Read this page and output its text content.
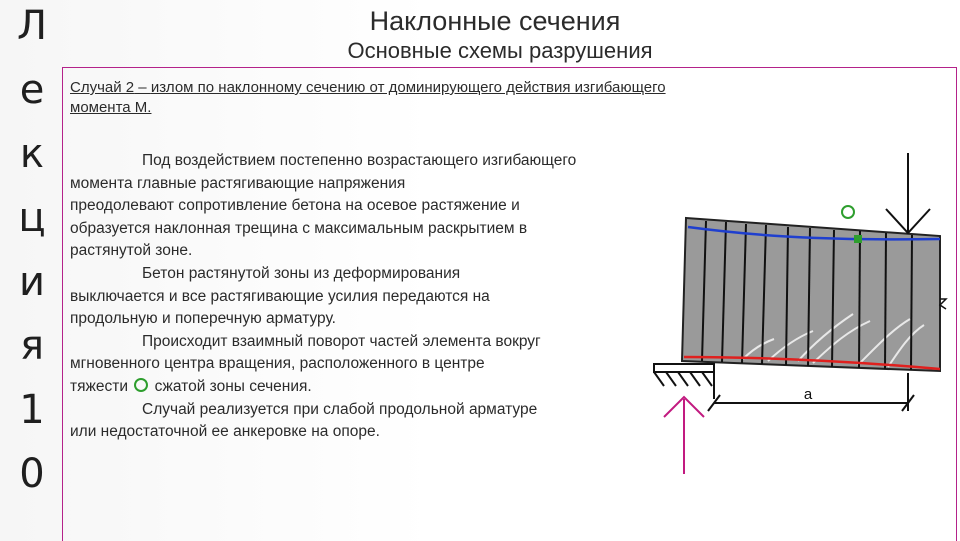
Л
е
к
ц
и
я
1
0
Наклонные сечения
Основные схемы разрушения
Случай 2 – излом по наклонному сечению от доминирующего действия изгибающего
момента М.
Под воздействием постепенно возрастающего изгибающего
момента главные растягивающие напряжения
преодолевают сопротивление бетона на осевое растяжение и
образуется наклонная трещина с максимальным раскрытием в
растянутой зоне.
Бетон растянутой зоны из деформирования
выключается и все растягивающие усилия передаются на
продольную и поперечную арматуру.
Происходит взаимный поворот частей элемента вокруг
мгновенного центра вращения, расположенного в центре
тяжести  сжатой зоны сечения.
Случай реализуется при слабой продольной арматуре
или недостаточной ее анкеровке на опоре.
a
